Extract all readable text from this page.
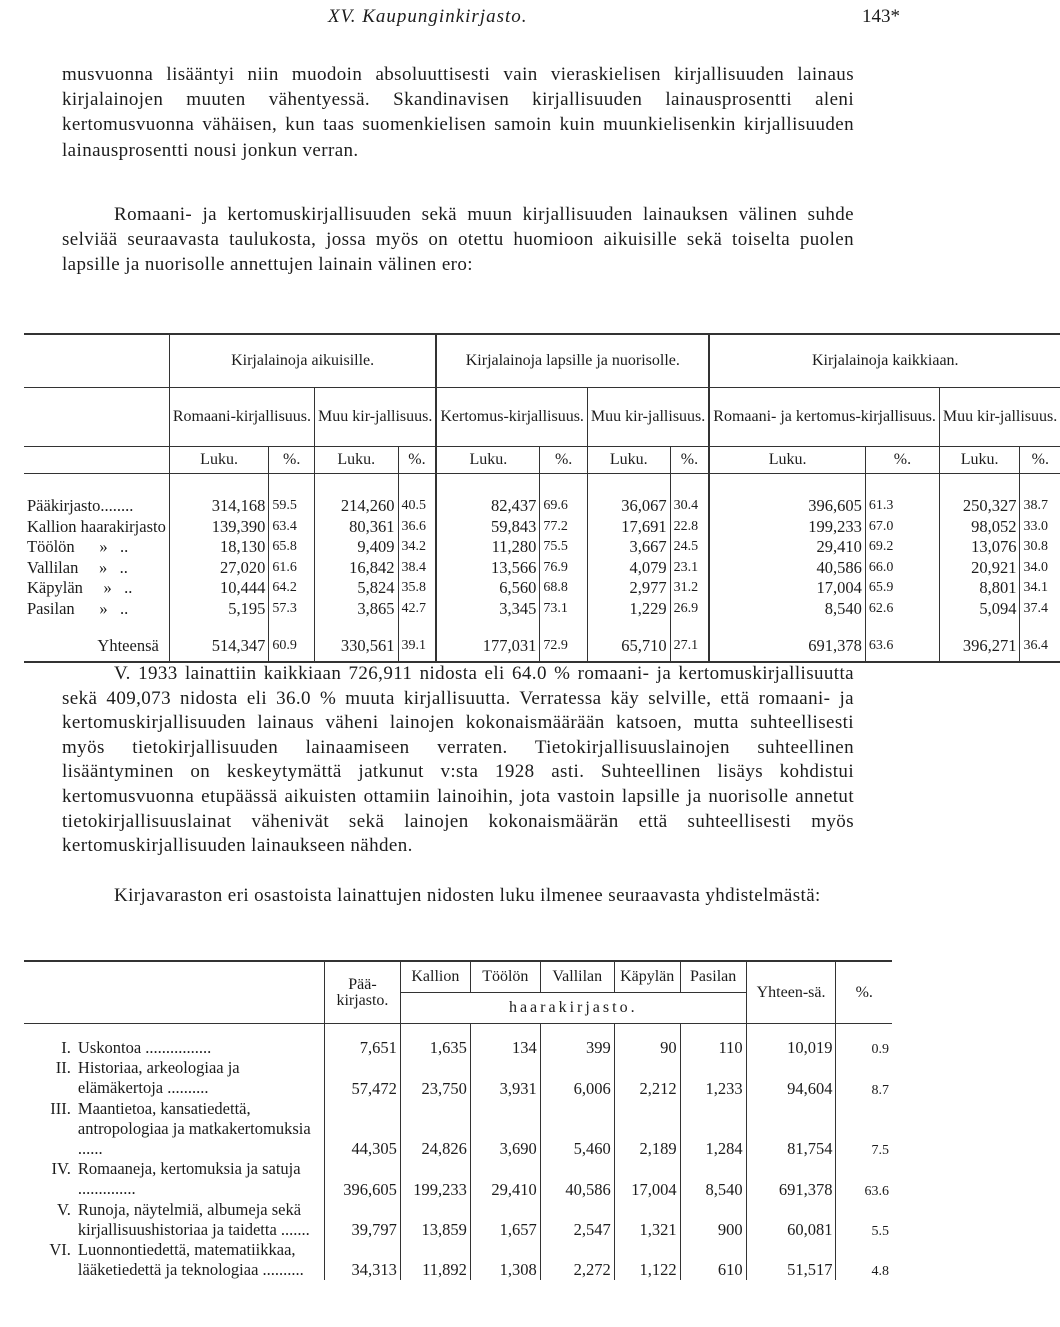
XV. Kaupunginkirjasto.	143*
musvuonna lisääntyi niin muodoin absoluuttisesti vain vieraskielisen kirjallisuuden lainaus kirjalainojen muuten vähentyessä. Skandinavisen kirjallisuuden lainausprosentti aleni kertomusvuonna vähäisen, kun taas suomenkielisen samoin kuin muunkielisenkin kirjallisuuden lainausprosentti nousi jonkun verran.
Romaani- ja kertomuskirjallisuuden sekä muun kirjallisuuden lainauksen välinen suhde selviää seuraavasta taulukosta, jossa myös on otettu huomioon aikuisille sekä toiselta puolen lapsille ja nuorisolle annettujen lainain välinen ero:
	Kirjalainoja aikuisille.				Kirjalainoja lapsille ja nuorisolle.				Kirjalainoja kaikkiaan.			
	Romaani-kirjallisuus.		Muu kir-jallisuus.		Kertomus-kirjallisuus.		Muu kir-jallisuus.		Romaani- ja kertomus-kirjallisuus.		Muu kir-jallisuus.	
	Luku.	%.	Luku.	%.	Luku.	%.	Luku.	%.	Luku.	%.	Luku.	%.

Pääkirjasto........	314,168	59.5	214,260	40.5	82,437	69.6	36,067	30.4	396,605	61.3	250,327	38.7
Kallion haarakirjasto	139,390	63.4	80,361	36.6	59,843	77.2	17,691	22.8	199,233	67.0	98,052	33.0
Töölön      »   ..	18,130	65.8	9,409	34.2	11,280	75.5	3,667	24.5	29,410	69.2	13,076	30.8
Vallilan     »   ..	27,020	61.6	16,842	38.4	13,566	76.9	4,079	23.1	40,586	66.0	20,921	34.0
Käpylän     »   ..	10,444	64.2	5,824	35.8	6,560	68.8	2,977	31.2	17,004	65.9	8,801	34.1
Pasilan      »   ..	5,195	57.3	3,865	42.7	3,345	73.1	1,229	26.9	8,540	62.6	5,094	37.4

Yhteensä	514,347	60.9	330,561	39.1	177,031	72.9	65,710	27.1	691,378	63.6	396,271	36.4
V. 1933 lainattiin kaikkiaan 726,911 nidosta eli 64.0 % romaani- ja kertomuskirjallisuutta sekä 409,073 nidosta eli 36.0 % muuta kirjallisuutta. Verratessa käy selville, että romaani- ja kertomuskirjallisuuden lainaus väheni lainojen kokonaismäärään katsoen, mutta suhteellisesti myös tietokirjallisuuden lainaamiseen verraten. Tietokirjallisuuslainojen suhteellinen lisääntyminen on keskeytymättä jatkunut v:sta 1928 asti. Suhteellinen lisäys kohdistui kertomusvuonna etupäässä aikuisten ottamiin lainoihin, jota vastoin lapsille ja nuorisolle annetut tietokirjallisuuslainat vähenivät sekä lainojen kokonaismäärän että suhteellisesti myös kertomuskirjallisuuden lainaukseen nähden.
Kirjavaraston eri osastoista lainattujen nidosten luku ilmenee seuraavasta yhdistelmästä:
		Pää-kirjasto.	Kallion	Töölön	Vallilan	Käpylän	Pasilan	Yhteen-sä.	%.
			haarakirjasto.						

I.	Uskontoa ................	7,651	1,635	134	399	90	110	10,019	0.9
II.	Historiaa, arkeologiaa ja elämäkertoja ..........	57,472	23,750	3,931	6,006	2,212	1,233	94,604	8.7
III.	Maantietoa, kansatiedettä, antropologiaa ja matkakertomuksia ......	44,305	24,826	3,690	5,460	2,189	1,284	81,754	7.5
IV.	Romaaneja, kertomuksia ja satuja ..............	396,605	199,233	29,410	40,586	17,004	8,540	691,378	63.6
V.	Runoja, näytelmiä, albumeja sekä kirjallisuushistoriaa ja taidetta .......	39,797	13,859	1,657	2,547	1,321	900	60,081	5.5
VI.	Luonnontiedettä, matematiikkaa, lääketiedettä ja teknologiaa ..........	34,313	11,892	1,308	2,272	1,122	610	51,517	4.8
